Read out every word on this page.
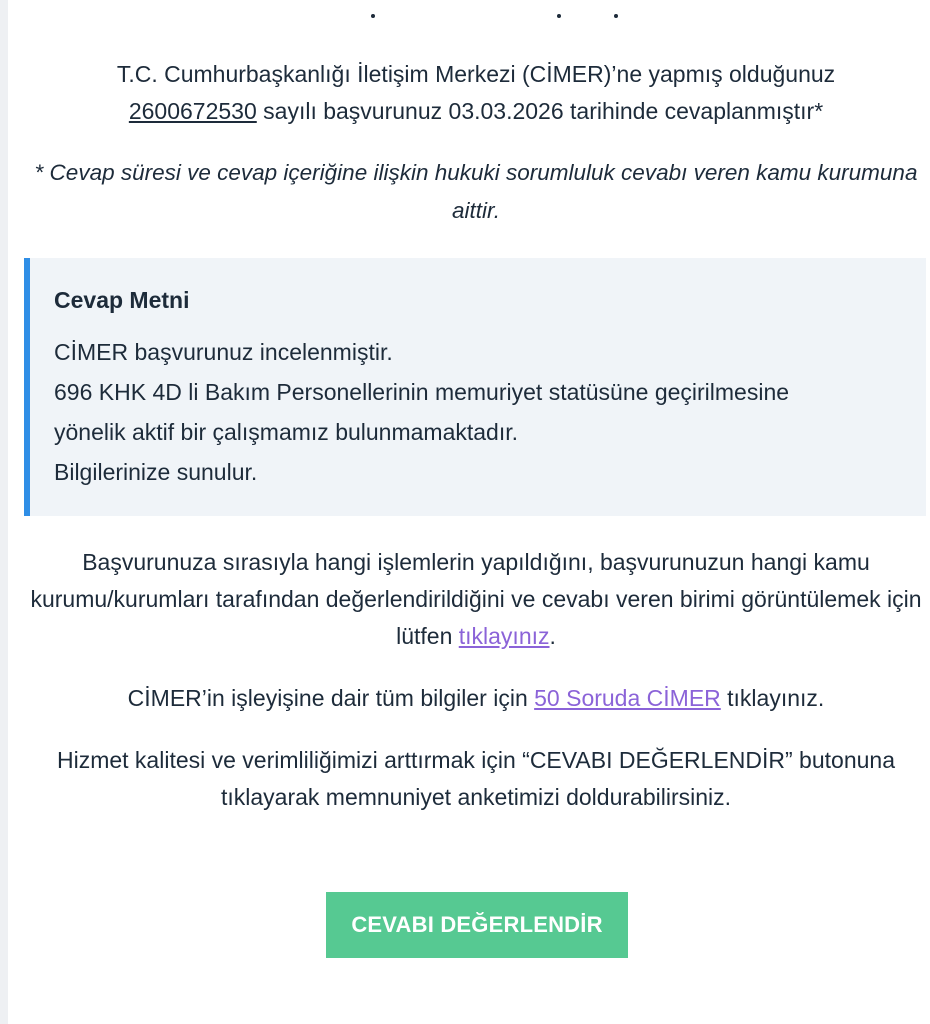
T.C. Cumhurbaşkanlığı İletişim Merkezi (CİMER)’ne yapmış olduğunuz
2600672530 sayılı başvurunuz 03.03.2026 tarihinde cevaplanmıştır*

* Cevap süresi ve cevap içeriğine ilişkin hukuki sorumluluk cevabı veren kamu kurumuna aittir.

Cevap Metni
CİMER başvurunuz incelenmiştir.
696 KHK 4D li Bakım Personellerinin memuriyet statüsüne geçirilmesine
yönelik aktif bir çalışmamız bulunmamaktadır.
Bilgilerinize sunulur.

Başvurunuza sırasıyla hangi işlemlerin yapıldığını, başvurunuzun hangi kamu kurumu/kurumları tarafından değerlendirildiğini ve cevabı veren birimi görüntülemek için lütfen tıklayınız.

CİMER’in işleyişine dair tüm bilgiler için 50 Soruda CİMER tıklayınız.

Hizmet kalitesi ve verimliliğimizi arttırmak için “CEVABI DEĞERLENDİR” butonuna tıklayarak memnuniyet anketimizi doldurabilirsiniz.

CEVABI DEĞERLENDİR
